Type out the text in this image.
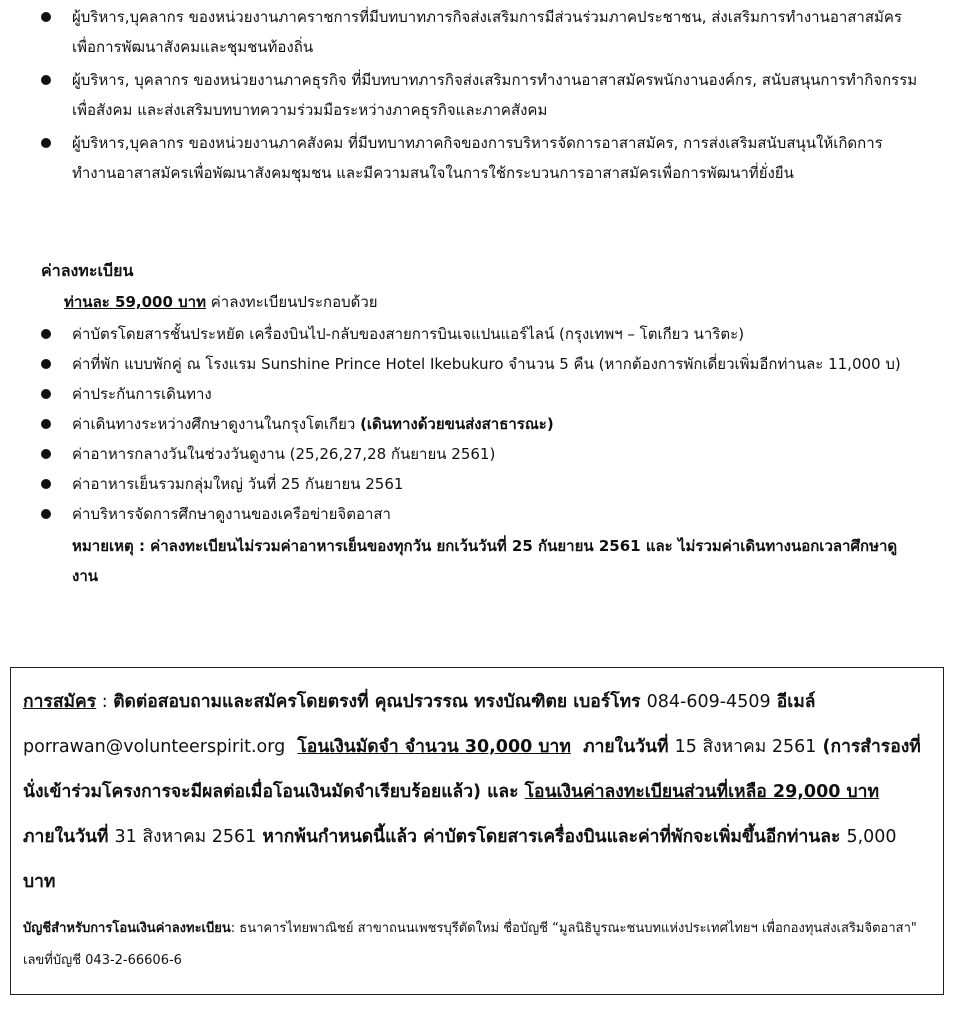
ผู้บริหาร,บุคลากร ของหน่วยงานภาคราชการที่มีบทบาทภารกิจส่งเสริมการมีส่วนร่วมภาคประชาชน, ส่งเสริมการทำงานอาสาสมัคร เพื่อการพัฒนาสังคมและชุมชนท้องถิ่น
ผู้บริหาร, บุคลากร ของหน่วยงานภาคธุรกิจ ที่มีบทบาทภารกิจส่งเสริมการทำงานอาสาสมัครพนักงานองค์กร, สนับสนุนการทำกิจกรรมเพื่อสังคม และส่งเสริมบทบาทความร่วมมือระหว่างภาคธุรกิจและภาคสังคม
ผู้บริหาร,บุคลากร ของหน่วยงานภาคสังคม ที่มีบทบาทภาคกิจของการบริหารจัดการอาสาสมัคร, การส่งเสริมสนับสนุนให้เกิดการทำงานอาสาสมัครเพื่อพัฒนาสังคมชุมชน และมีความสนใจในการใช้กระบวนการอาสาสมัครเพื่อการพัฒนาที่ยั่งยืน
ค่าลงทะเบียน
ท่านละ 59,000 บาท ค่าลงทะเบียนประกอบด้วย
ค่าบัตรโดยสารชั้นประหยัด เครื่องบินไป-กลับของสายการบินเจแปนแอร์ไลน์ (กรุงเทพฯ – โตเกียว นาริตะ)
ค่าที่พัก แบบพักคู่ ณ โรงแรม Sunshine Prince Hotel Ikebukuro จำนวน 5 คืน (หากต้องการพักเดี่ยวเพิ่มอีกท่านละ 11,000 บ)
ค่าประกันการเดินทาง
ค่าเดินทางระหว่างศึกษาดูงานในกรุงโตเกียว (เดินทางด้วยขนส่งสาธารณะ)
ค่าอาหารกลางวันในช่วงวันดูงาน (25,26,27,28 กันยายน 2561)
ค่าอาหารเย็นรวมกลุ่มใหญ่ วันที่ 25 กันยายน 2561
ค่าบริหารจัดการศึกษาดูงานของเครือข่ายจิตอาสา
หมายเหตุ : ค่าลงทะเบียนไม่รวมค่าอาหารเย็นของทุกวัน ยกเว้นวันที่ 25 กันยายน 2561 และ ไม่รวมค่าเดินทางนอกเวลาศึกษาดูงาน

การสมัคร : ติดต่อสอบถามและสมัครโดยตรงที่ คุณปรวรรณ ทรงบัณฑิตย เบอร์โทร 084-609-4509 อีเมล์ porrawan@volunteerspirit.org โอนเงินมัดจำ จำนวน 30,000 บาท ภายในวันที่ 15 สิงหาคม 2561 (การสำรองที่นั่งเข้าร่วมโครงการจะมีผลต่อเมื่อโอนเงินมัดจำเรียบร้อยแล้ว) และ โอนเงินค่าลงทะเบียนส่วนที่เหลือ 29,000 บาท ภายในวันที่ 31 สิงหาคม 2561 หากพ้นกำหนดนี้แล้ว ค่าบัตรโดยสารเครื่องบินและค่าที่พักจะเพิ่มขึ้นอีกท่านละ 5,000 บาท

บัญชีสำหรับการโอนเงินค่าลงทะเบียน: ธนาคารไทยพาณิชย์ สาขาถนนเพชรบุรีตัดใหม่ ชื่อบัญชี “มูลนิธิบูรณะชนบทแห่งประเทศไทยฯ เพื่อกองทุนส่งเสริมจิตอาสา" เลขที่บัญชี 043-2-66606-6
